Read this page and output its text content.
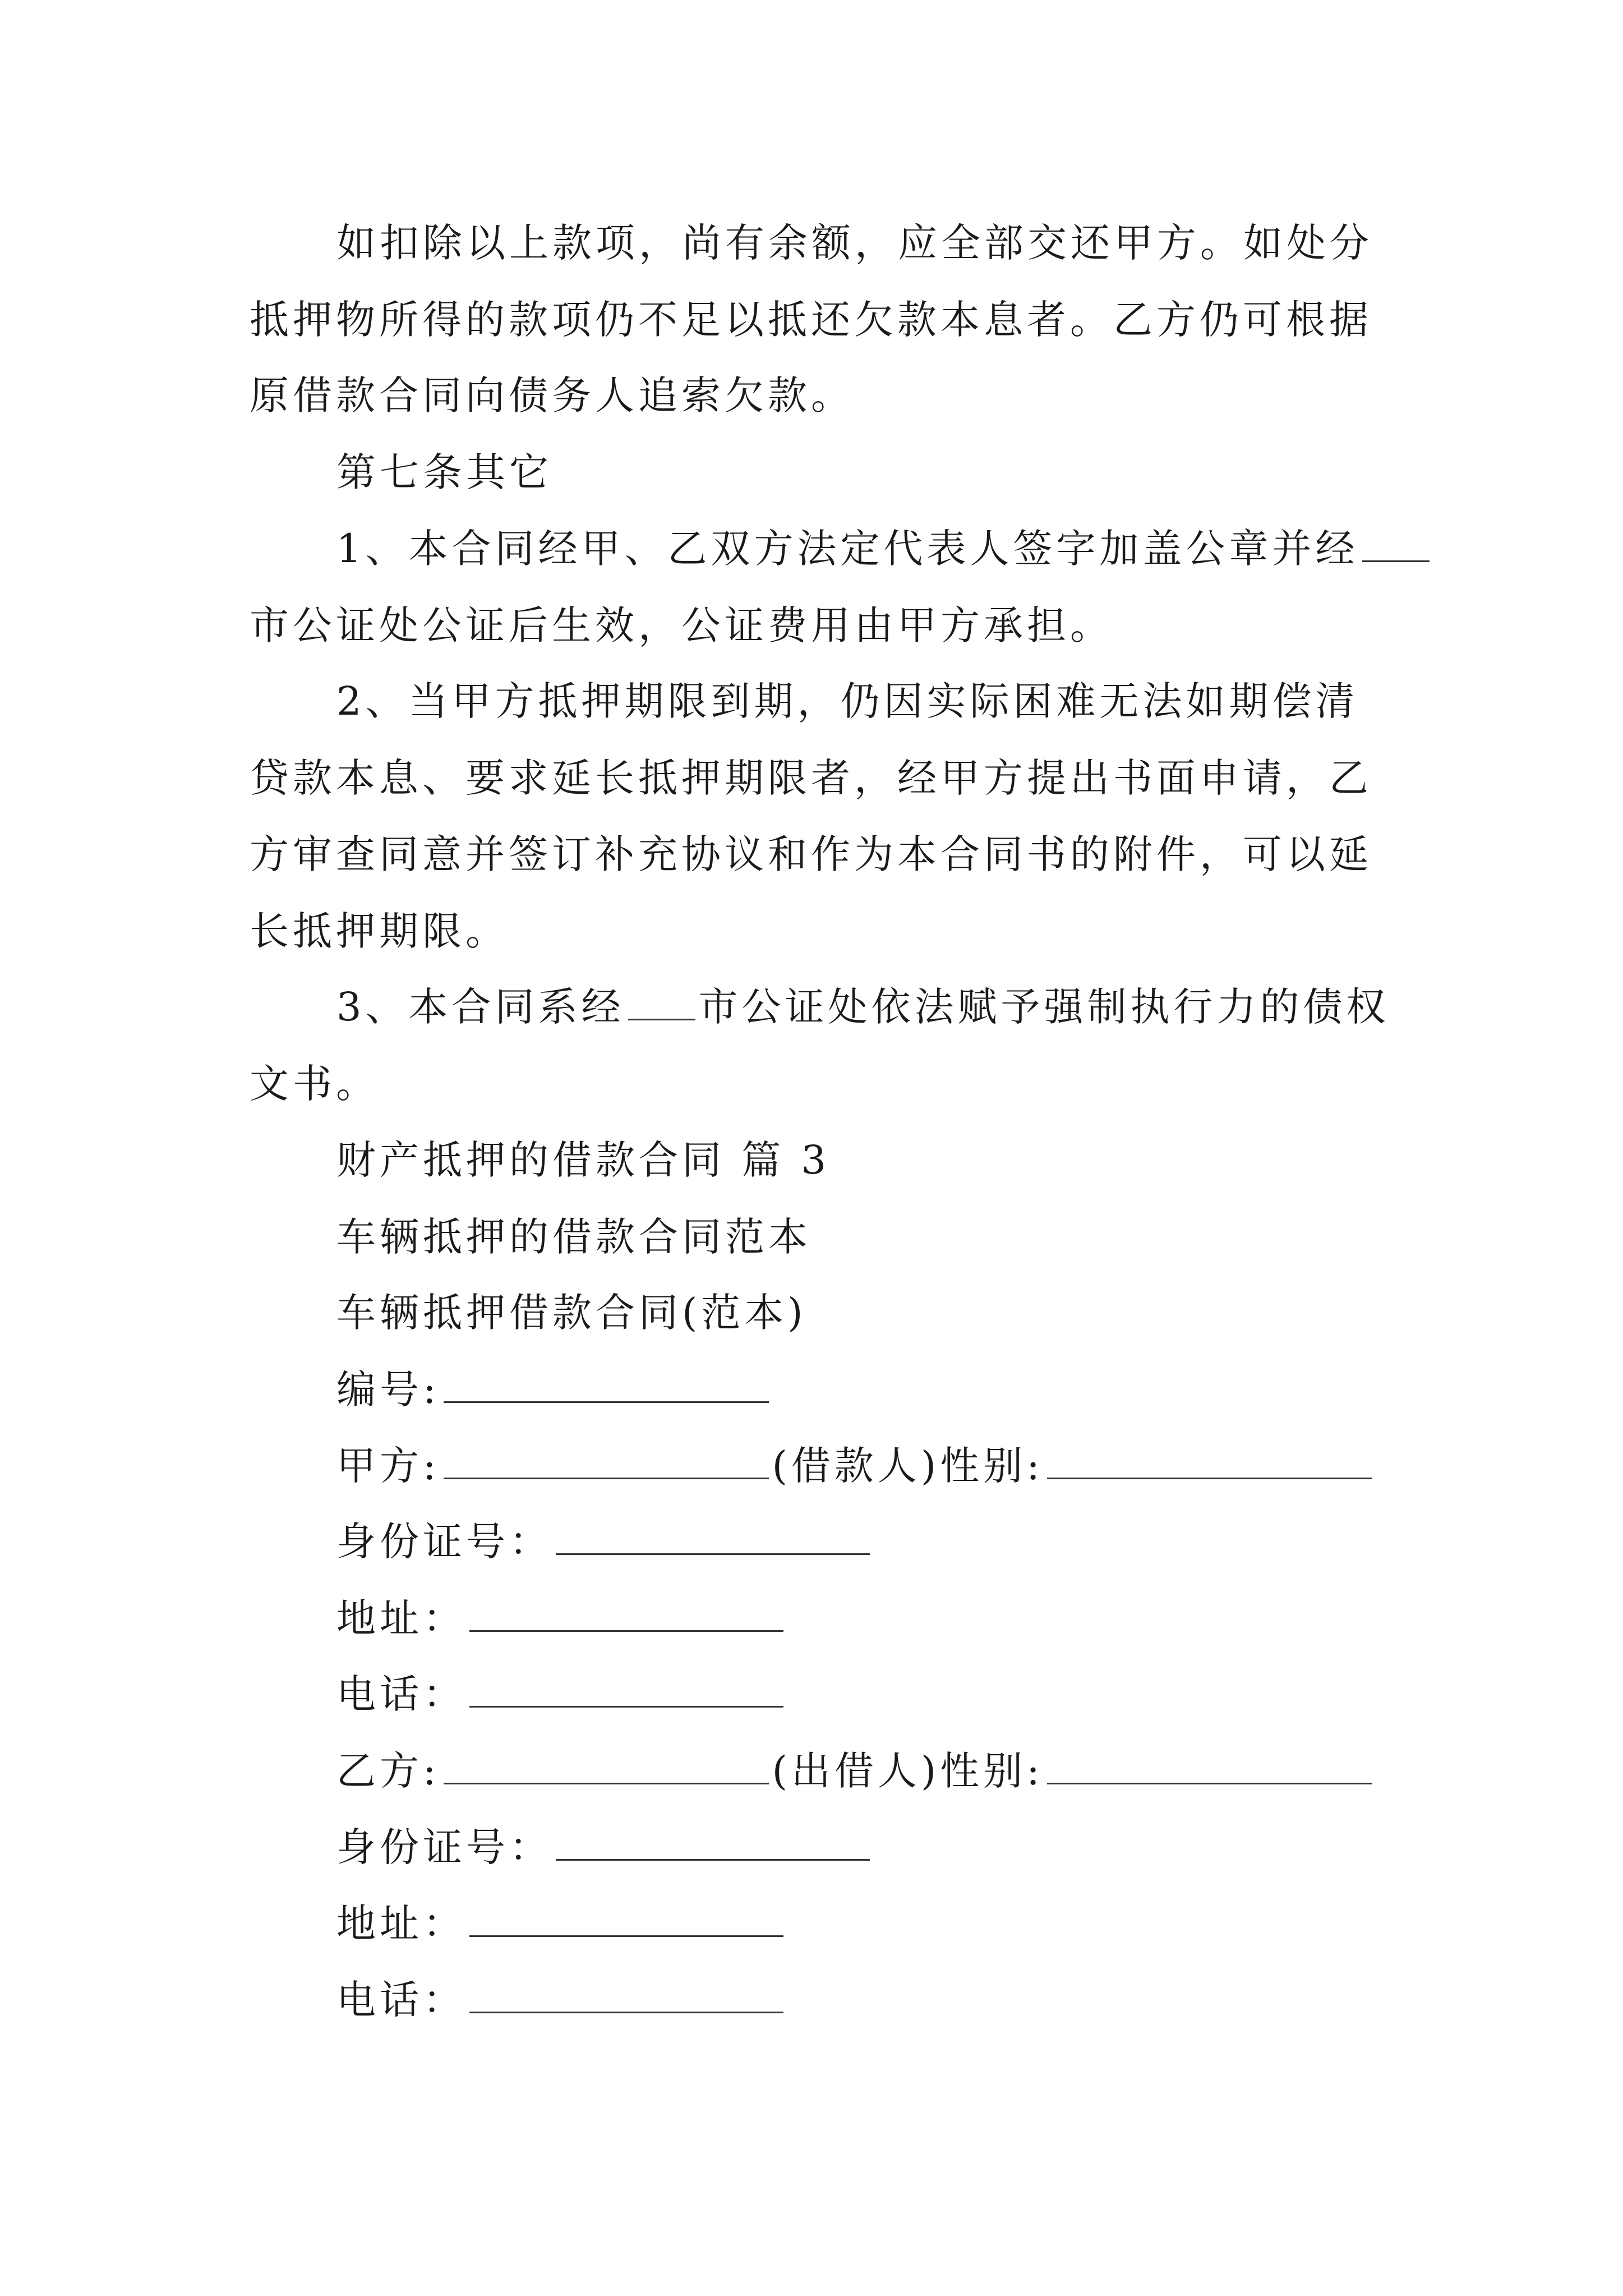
如扣除以上款项，尚有余额，应全部交还甲方。如处分
抵押物所得的款项仍不足以抵还欠款本息者。乙方仍可根据
原借款合同向债务人追索欠款。
第七条其它
1、本合同经甲、乙双方法定代表人签字加盖公章并经
市公证处公证后生效，公证费用由甲方承担。
2、当甲方抵押期限到期，仍因实际困难无法如期偿清
贷款本息、要求延长抵押期限者，经甲方提出书面申请，乙
方审查同意并签订补充协议和作为本合同书的附件，可以延
长抵押期限。
3、本合同系经 市公证处依法赋予强制执行力的债权
文书。
财产抵押的借款合同 篇 3
车辆抵押的借款合同范本
车辆抵押借款合同(范本)
编号:
甲方:	(借款人)性别:
身份证号：
地址：
电话：
乙方:	(出借人)性别:
身份证号：
地址：
电话：
